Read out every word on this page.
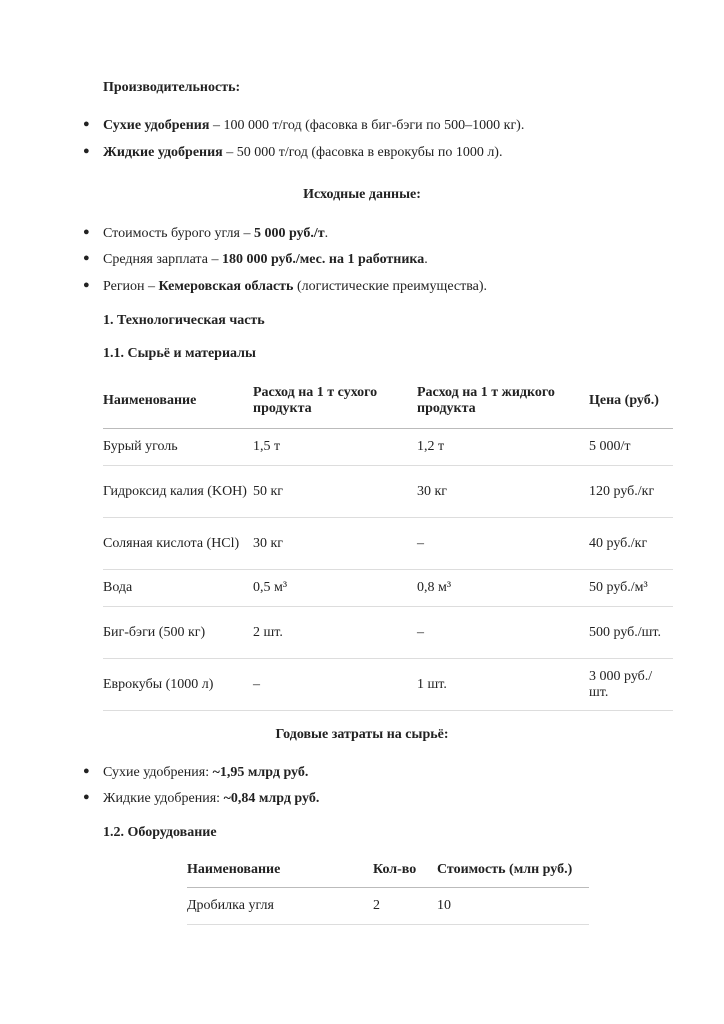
Производительность:
● Сухие удобрения – 100 000 т/год (фасовка в биг-бэги по 500–1000 кг).
● Жидкие удобрения – 50 000 т/год (фасовка в еврокубы по 1000 л).
Исходные данные:
● Стоимость бурого угля – 5 000 руб./т.
● Средняя зарплата – 180 000 руб./мес. на 1 работника.
● Регион – Кемеровская область (логистические преимущества).
1. Технологическая часть
1.1. Сырьё и материалы
Наименование	Расход на 1 т сухого продукта	Расход на 1 т жидкого продукта	Цена (руб.)
Бурый уголь	1,5 т	1,2 т	5 000/т
Гидроксид калия (KOH)	50 кг	30 кг	120 руб./кг
Соляная кислота (HCl)	30 кг	–	40 руб./кг
Вода	0,5 м³	0,8 м³	50 руб./м³
Биг-бэги (500 кг)	2 шт.	–	500 руб./шт.
Еврокубы (1000 л)	–	1 шт.	3 000 руб./шт.
Годовые затраты на сырьё:
● Сухие удобрения: ~1,95 млрд руб.
● Жидкие удобрения: ~0,84 млрд руб.
1.2. Оборудование
Наименование	Кол-во	Стоимость (млн руб.)
Дробилка угля	2	10
